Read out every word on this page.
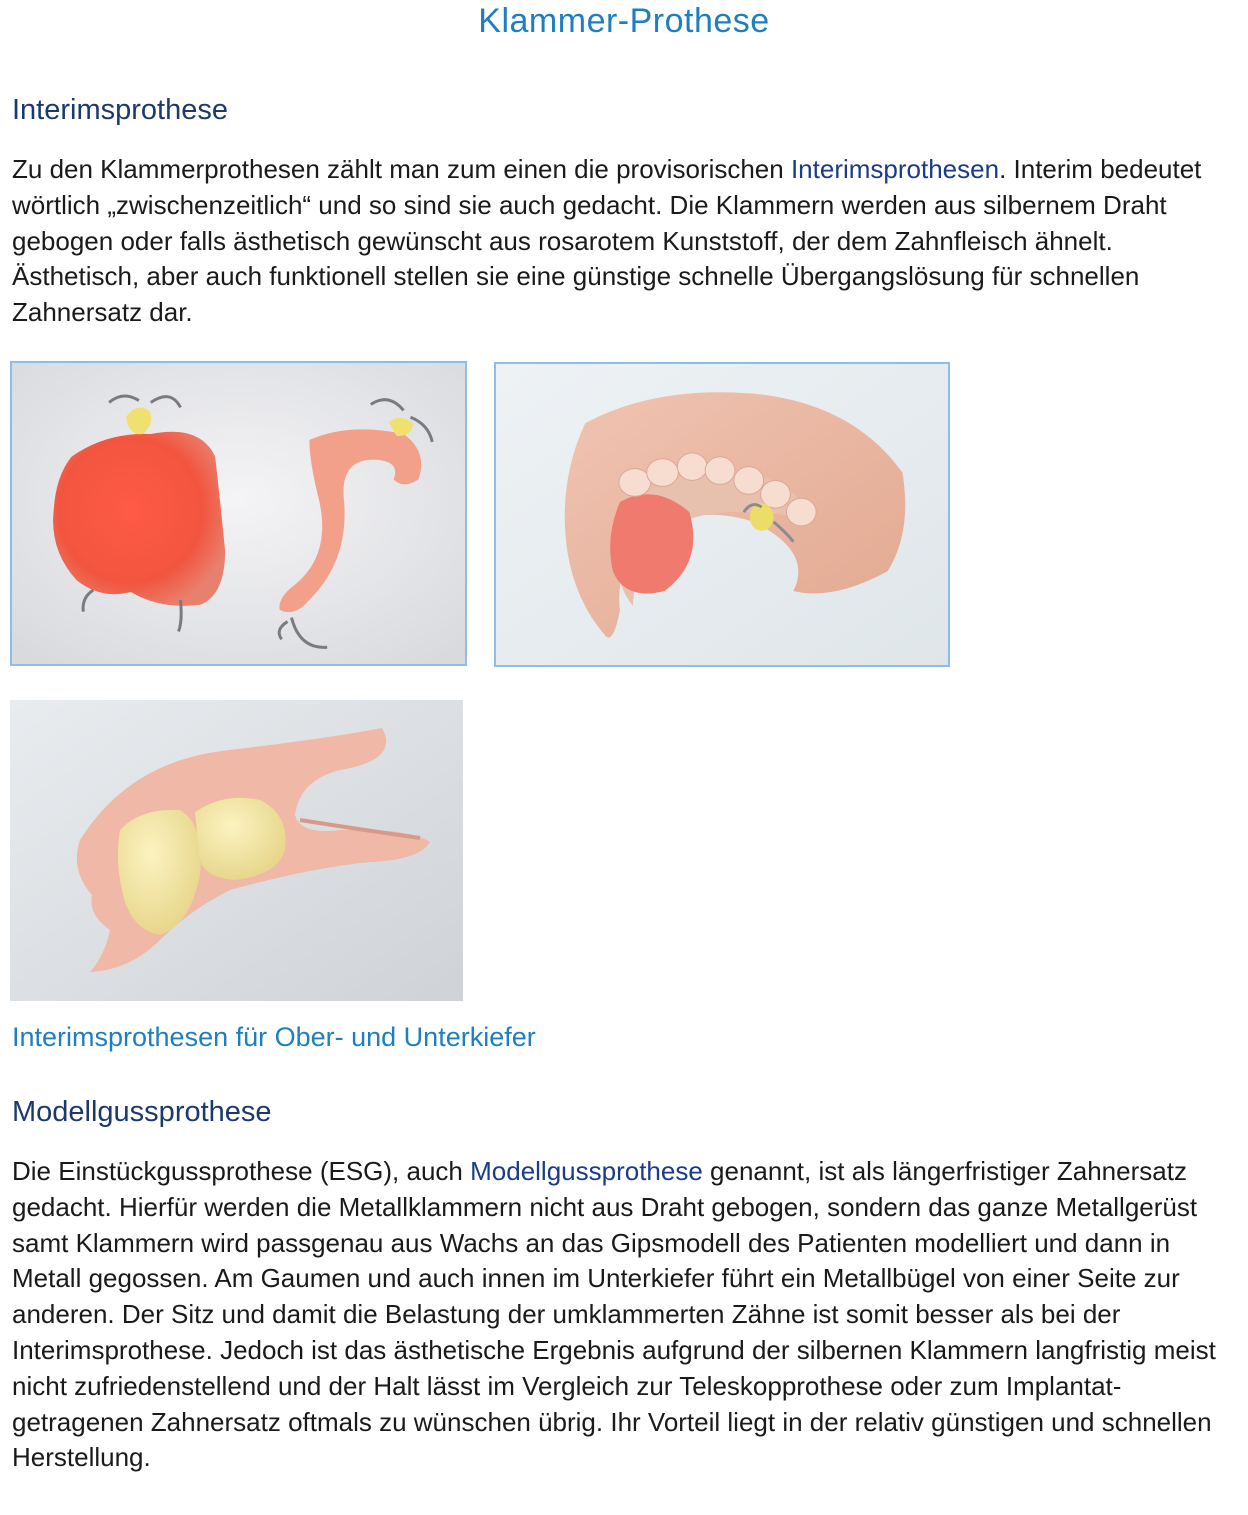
Klammer-Prothese
Interimsprothese

Zu den Klammerprothesen zählt man zum einen die provisorischen Interimsprothesen. Interim bedeutet wörtlich „zwischenzeitlich“ und so sind sie auch gedacht. Die Klammern werden aus silbernem Draht gebogen oder falls ästhetisch gewünscht aus rosarotem Kunststoff, der dem Zahnfleisch ähnelt. Ästhetisch, aber auch funktionell stellen sie eine günstige schnelle Übergangslösung für schnellen Zahnersatz dar.

Interimsprothesen für Ober- und Unterkiefer

Modellgussprothese

Die Einstückgussprothese (ESG), auch Modellgussprothese genannt, ist als längerfristiger Zahnersatz gedacht. Hierfür werden die Metallklammern nicht aus Draht gebogen, sondern das ganze Metallgerüst samt Klammern wird passgenau aus Wachs an das Gipsmodell des Patienten modelliert und dann in Metall gegossen. Am Gaumen und auch innen im Unterkiefer führt ein Metallbügel von einer Seite zur anderen. Der Sitz und damit die Belastung der umklammerten Zähne ist somit besser als bei der Interimsprothese. Jedoch ist das ästhetische Ergebnis aufgrund der silbernen Klammern langfristig meist nicht zufriedenstellend und der Halt lässt im Vergleich zur Teleskopprothese oder zum Implantat-getragenen Zahnersatz oftmals zu wünschen übrig. Ihr Vorteil liegt in der relativ günstigen und schnellen Herstellung.
